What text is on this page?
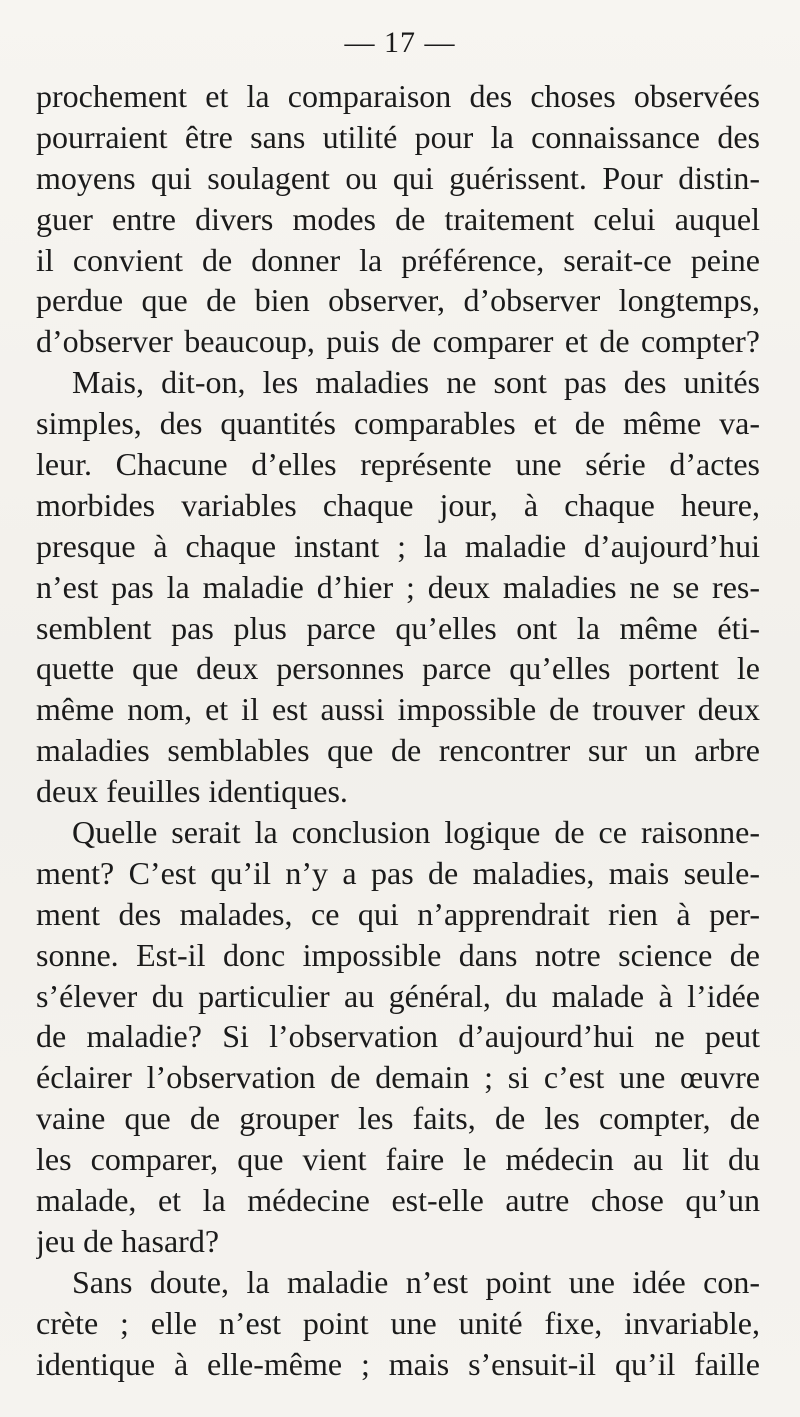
— 17 —
prochement et la comparaison des choses observées
pourraient être sans utilité pour la connaissance des
moyens qui soulagent ou qui guérissent. Pour distin-
guer entre divers modes de traitement celui auquel
il convient de donner la préférence, serait-ce peine
perdue que de bien observer, d’observer longtemps,
d’observer beaucoup, puis de comparer et de compter?
Mais, dit-on, les maladies ne sont pas des unités
simples, des quantités comparables et de même va-
leur. Chacune d’elles représente une série d’actes
morbides variables chaque jour, à chaque heure,
presque à chaque instant ; la maladie d’aujourd’hui
n’est pas la maladie d’hier ; deux maladies ne se res-
semblent pas plus parce qu’elles ont la même éti-
quette que deux personnes parce qu’elles portent le
même nom, et il est aussi impossible de trouver deux
maladies semblables que de rencontrer sur un arbre
deux feuilles identiques.
Quelle serait la conclusion logique de ce raisonne-
ment? C’est qu’il n’y a pas de maladies, mais seule-
ment des malades, ce qui n’apprendrait rien à per-
sonne. Est-il donc impossible dans notre science de
s’élever du particulier au général, du malade à l’idée
de maladie? Si l’observation d’aujourd’hui ne peut
éclairer l’observation de demain ; si c’est une œuvre
vaine que de grouper les faits, de les compter, de
les comparer, que vient faire le médecin au lit du
malade, et la médecine est-elle autre chose qu’un
jeu de hasard?
Sans doute, la maladie n’est point une idée con-
crète ; elle n’est point une unité fixe, invariable,
identique à elle-même ; mais s’ensuit-il qu’il faille
